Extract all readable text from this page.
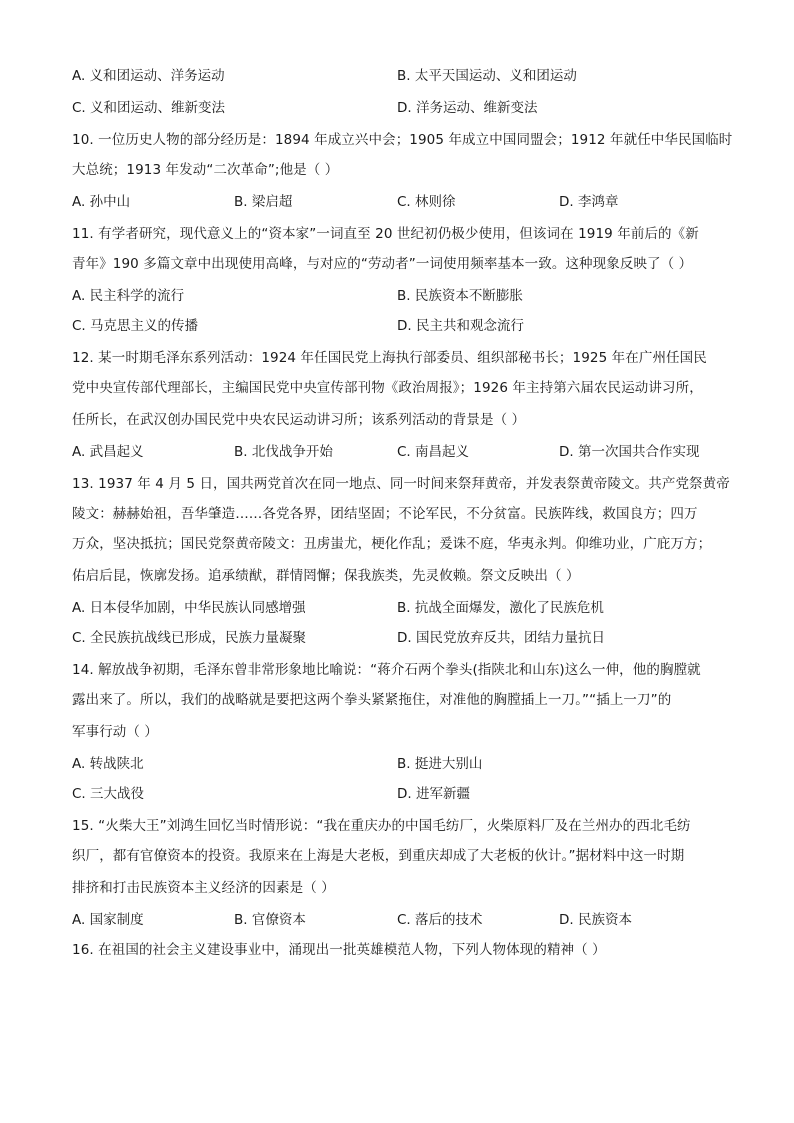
A. 义和团运动、洋务运动	B. 太平天国运动、义和团运动
C. 义和团运动、维新变法	D. 洋务运动、维新变法
10. 一位历史人物的部分经历是：1894 年成立兴中会；1905 年成立中国同盟会；1912 年就任中华民国临时
大总统；1913 年发动“二次革命”;他是（ ）
A. 孙中山	B. 梁启超	C. 林则徐	D. 李鸿章
11. 有学者研究，现代意义上的“资本家”一词直至 20 世纪初仍极少使用，但该词在 1919 年前后的《新
青年》190 多篇文章中出现使用高峰，与对应的“劳动者”一词使用频率基本一致。这种现象反映了（ ）
A. 民主科学的流行	B. 民族资本不断膨胀
C. 马克思主义的传播	D. 民主共和观念流行
12. 某一时期毛泽东系列活动：1924 年任国民党上海执行部委员、组织部秘书长；1925 年在广州任国民
党中央宣传部代理部长，主编国民党中央宣传部刊物《政治周报》；1926 年主持第六届农民运动讲习所，
任所长，在武汉创办国民党中央农民运动讲习所；该系列活动的背景是（ ）
A. 武昌起义	B. 北伐战争开始	C. 南昌起义	D. 第一次国共合作实现
13. 1937 年 4 月 5 日，国共两党首次在同一地点、同一时间来祭拜黄帝，并发表祭黄帝陵文。共产党祭黄帝
陵文：赫赫始祖，吾华肇造……各党各界，团结坚固；不论军民，不分贫富。民族阵线，救国良方；四万
万众，坚决抵抗；国民党祭黄帝陵文：丑虏蚩尤，梗化作乱；爰诛不庭，华夷永判。仰维功业，广庇万方；
佑启后昆，恢廓发扬。追承绩猷，群情罔懈；保我族类，先灵攸赖。祭文反映出（ ）
A. 日本侵华加剧，中华民族认同感增强	B. 抗战全面爆发，激化了民族危机
C. 全民族抗战线已形成，民族力量凝聚	D. 国民党放弃反共，团结力量抗日
14. 解放战争初期，毛泽东曾非常形象地比喻说：“蒋介石两个拳头(指陕北和山东)这么一伸，他的胸膛就
露出来了。所以，我们的战略就是要把这两个拳头紧紧拖住，对准他的胸膛插上一刀。”“插上一刀”的
军事行动（ ）
A. 转战陕北	B. 挺进大别山
C. 三大战役	D. 进军新疆
15. “火柴大王”刘鸿生回忆当时情形说：“我在重庆办的中国毛纺厂，火柴原料厂及在兰州办的西北毛纺
织厂，都有官僚资本的投资。我原来在上海是大老板，到重庆却成了大老板的伙计。”据材料中这一时期
排挤和打击民族资本主义经济的因素是（ ）
A. 国家制度	B. 官僚资本	C. 落后的技术	D. 民族资本
16. 在祖国的社会主义建设事业中，涌现出一批英雄模范人物，下列人物体现的精神（ ）
